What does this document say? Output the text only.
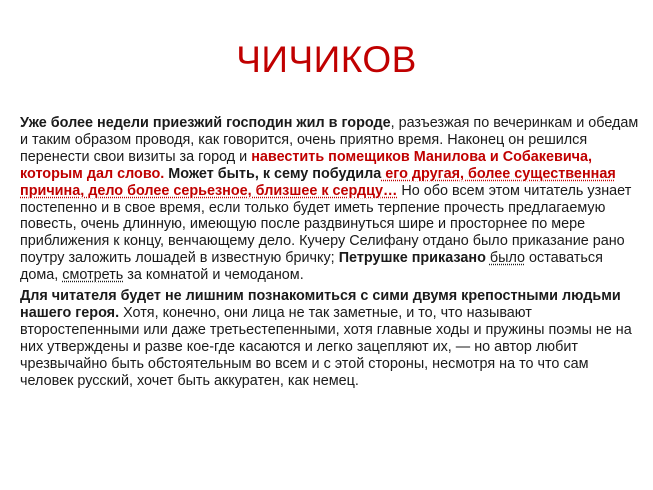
ЧИЧИКОВ

Уже более недели приезжий господин жил в городе, разъезжая по вечеринкам и обедам и таким образом проводя, как говорится, очень приятно время. Наконец он решился перенести свои визиты за город и навестить помещиков Манилова и Собакевича, которым дал слово. Может быть, к сему побудила его другая, более существенная причина, дело более серьезное, близшее к сердцу… Но обо всем этом читатель узнает постепенно и в свое время, если только будет иметь терпение прочесть предлагаемую повесть, очень длинную, имеющую после раздвинуться шире и просторнее по мере приближения к концу, венчающему дело. Кучеру Селифану отдано было приказание рано поутру заложить лошадей в известную бричку; Петрушке приказано было оставаться дома, смотреть за комнатой и чемоданом.

Для читателя будет не лишним познакомиться с сими двумя крепостными людьми нашего героя. Хотя, конечно, они лица не так заметные, и то, что называют второстепенными или даже третьестепенными, хотя главные ходы и пружины поэмы не на них утверждены и разве кое-где касаются и легко зацепляют их, — но автор любит чрезвычайно быть обстоятельным во всем и с этой стороны, несмотря на то что сам человек русский, хочет быть аккуратен, как немец.
